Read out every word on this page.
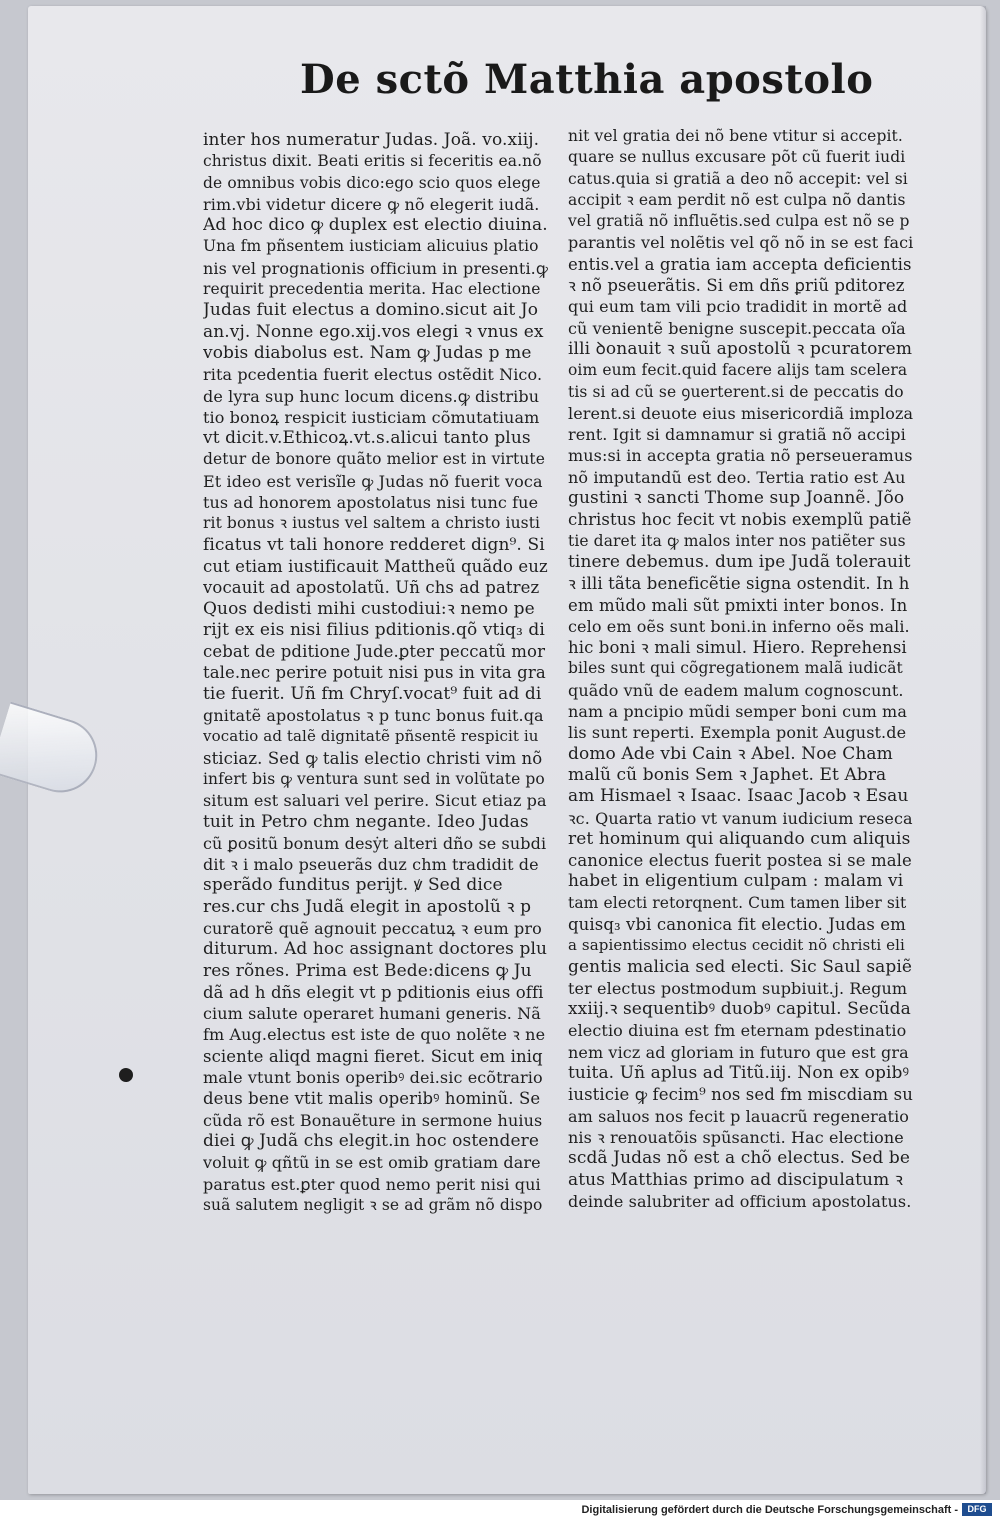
De sctõ Matthia apostolo
inter hos numeratur Judas. Joã. vo.xiij.
christus dixit. Beati eritis si feceritis ea.nõ
de omnibus vobis dico:ego scio quos elege
rim.vbi videtur dicere ꝙ nõ elegerit iudã.
Ad hoc dico ꝙ duplex est electio diuina.
Una fm pñsentem iusticiam alicuius platio
nis vel prognationis officium in presenti.ꝙ
requirit precedentia merita. Hac electione
Judas fuit electus a domino.sicut ait Jo
an.vj. Nonne ego.xij.vos elegi ꝛ vnus ex
vobis diabolus est. Nam ꝙ Judas p me
rita pcedentia fuerit electus ostẽdit Nico.
de lyra sup hunc locum dicens.ꝙ distribu
tio bonoꝝ respicit iusticiam cõmutatiuam
vt dicit.v.Ethicoꝝ.vt.s.alicui tanto plus
detur de bonore quãto melior est in virtute
Et ideo est verisĩle ꝙ Judas nõ fuerit voca
tus ad honorem apostolatus nisi tunc fue
rit bonus ꝛ iustus vel saltem a christo iusti
ficatus vt tali honore redderet dign⁹. Si
cut etiam iustificauit Mattheũ quãdo euz
vocauit ad apostolatũ. Uñ chs ad patrez
Quos dedisti mihi custodiui:ꝛ nemo pe
rijt ex eis nisi filius pditionis.qõ vtiq₃ di
cebat de pditione Jude.ꝑter peccatũ mor
tale.nec perire potuit nisi pus in vita gra
tie fuerit. Uñ fm Chryſ.vocat⁹ fuit ad di
gnitatẽ apostolatus ꝛ p tunc bonus fuit.qa
vocatio ad talẽ dignitatẽ pñsentẽ respicit iu
sticiaz. Sed ꝙ talis electio christi vim nõ
infert bis ꝙ ventura sunt sed in volũtate po
situm est saluari vel perire. Sicut etiaz pa
tuit in Petro chm negante. Ideo Judas
cũ ꝑositũ bonum desẏt alteri dño se subdi
dit ꝛ i malo pseuerãs duz chm tradidit de
sperãdo funditus perijt. ꝟ Sed dice
res.cur chs Judã elegit in apostolũ ꝛ p
curatorẽ quẽ agnouit peccatuꝝ ꝛ eum pro
diturum. Ad hoc assignant doctores plu
res rõnes. Prima est Bede:dicens ꝙ Ju
dã ad h dñs elegit vt p pditionis eius offi
cium salute operaret humani generis. Nã
fm Aug.electus est iste de quo nolẽte ꝛ ne
sciente aliqd magni fieret. Sicut em iniq
male vtunt bonis operibꝰ dei.sic ecõtrario
deus bene vtit malis operibꝰ hominũ. Se
cũda rõ est Bonauẽture in sermone huius
diei ꝙ Judã chs elegit.in hoc ostendere
voluit ꝙ qñtũ in se est omib gratiam dare
paratus est.ꝑter quod nemo perit nisi qui
suã salutem negligit ꝛ se ad grãm nõ dispo
nit vel gratia dei nõ bene vtitur si accepit.
quare se nullus excusare põt cũ fuerit iudi
catus.quia si gratiã a deo nõ accepit: vel si
accipit ꝛ eam perdit nõ est culpa nõ dantis
vel gratiã nõ influẽtis.sed culpa est nõ se p
parantis vel nolẽtis vel qõ nõ in se est faci
entis.vel a gratia iam accepta deficientis
ꝛ nõ pseuerãtis. Si em dñs ꝑriũ pditorez
qui eum tam vili pcio tradidit in mortẽ ad
cũ venientẽ benigne suscepit.peccata oĩa
illi ꝺonauit ꝛ suũ apostolũ ꝛ pcuratorem
oim eum fecit.quid facere alijs tam scelera
tis si ad cũ se ꝯuerterent.si de peccatis do
lerent.si deuote eius misericordiã imploza
rent. Igit si damnamur si gratiã nõ accipi
mus:si in accepta gratia nõ perseueramus
nõ imputandũ est deo. Tertia ratio est Au
gustini ꝛ sancti Thome sup Joannẽ. Jõo
christus hoc fecit vt nobis exemplũ patiẽ
tie daret ita ꝙ malos inter nos patiẽter sus
tinere debemus. dum ipe Judã tolerauit
ꝛ illi tãta beneficẽtie signa ostendit. In h
em mũdo mali sũt pmixti inter bonos. In
celo em oẽs sunt boni.in inferno oẽs mali.
hic boni ꝛ mali simul. Hiero. Reprehensi
biles sunt qui cõgregationem malã iudicãt
quãdo vnũ de eadem malum cognoscunt.
nam a pncipio mũdi semper boni cum ma
lis sunt reperti. Exempla ponit August.de
domo Ade vbi Cain ꝛ Abel. Noe Cham
malũ cũ bonis Sem ꝛ Japhet. Et Abra
am Hismael ꝛ Isaac. Isaac Jacob ꝛ Esau
ꝛc. Quarta ratio vt vanum iudicium reseca
ret hominum qui aliquando cum aliquis
canonice electus fuerit postea si se male
habet in eligentium culpam : malam vi
tam electi retorqnent. Cum tamen liber sit
quisq₃ vbi canonica fit electio. Judas em
a sapientissimo electus cecidit nõ christi eli
gentis malicia sed electi. Sic Saul sapiẽ
ter electus postmodum supbiuit.j. Regum
xxiij.ꝛ sequentibꝰ duobꝰ capitul. Secũda
electio diuina est fm eternam pdestinatio
nem vicz ad gloriam in futuro que est gra
tuita. Uñ aplus ad Titũ.iij. Non ex opibꝰ
iusticie ꝙ fecim⁹ nos sed fm miscdiam su
am saluos nos fecit p lauacrũ regeneratio
nis ꝛ renouatõis spũsancti. Hac electione
scdã Judas nõ est a chõ electus. Sed be
atus Matthias primo ad discipulatum ꝛ
deinde salubriter ad officium apostolatus.
Digitalisierung gefördert durch die Deutsche Forschungsgemeinschaft -	DFG
